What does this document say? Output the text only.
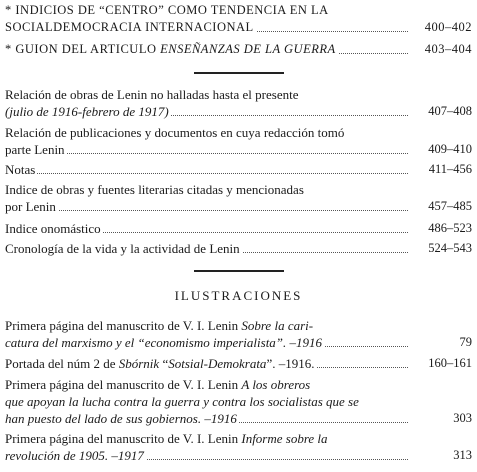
* INDICIOS DE “CENTRO” COMO TENDENCIA EN LA
SOCIALDEMOCRACIA INTERNACIONAL	400–402
* GUION DEL ARTICULO ENSEÑANZAS DE LA GUERRA	403–404
Relación de obras de Lenin no halladas hasta el presente
(julio de 1916-febrero de 1917)	407–408
Relación de publicaciones y documentos en cuya redacción tomó
parte Lenin	409–410
Notas	411–456
Indice de obras y fuentes literarias citadas y mencionadas
por Lenin	457–485
Indice onomástico	486–523
Cronología de la vida y la actividad de Lenin	524–543
ILUSTRACIONES
Primera página del manuscrito de V. I. Lenin Sobre la cari-
catura del marxismo y el “economismo imperialista”. –1916	79
Portada del núm 2 de Sbórnik “Sotsial-Demokrata”. –1916.	160–161
Primera página del manuscrito de V. I. Lenin A los obreros
que apoyan la lucha contra la guerra y contra los socialistas que se
han puesto del lado de sus gobiernos. –1916	303
Primera página del manuscrito de V. I. Lenin Informe sobre la
revolución de 1905. –1917	313
